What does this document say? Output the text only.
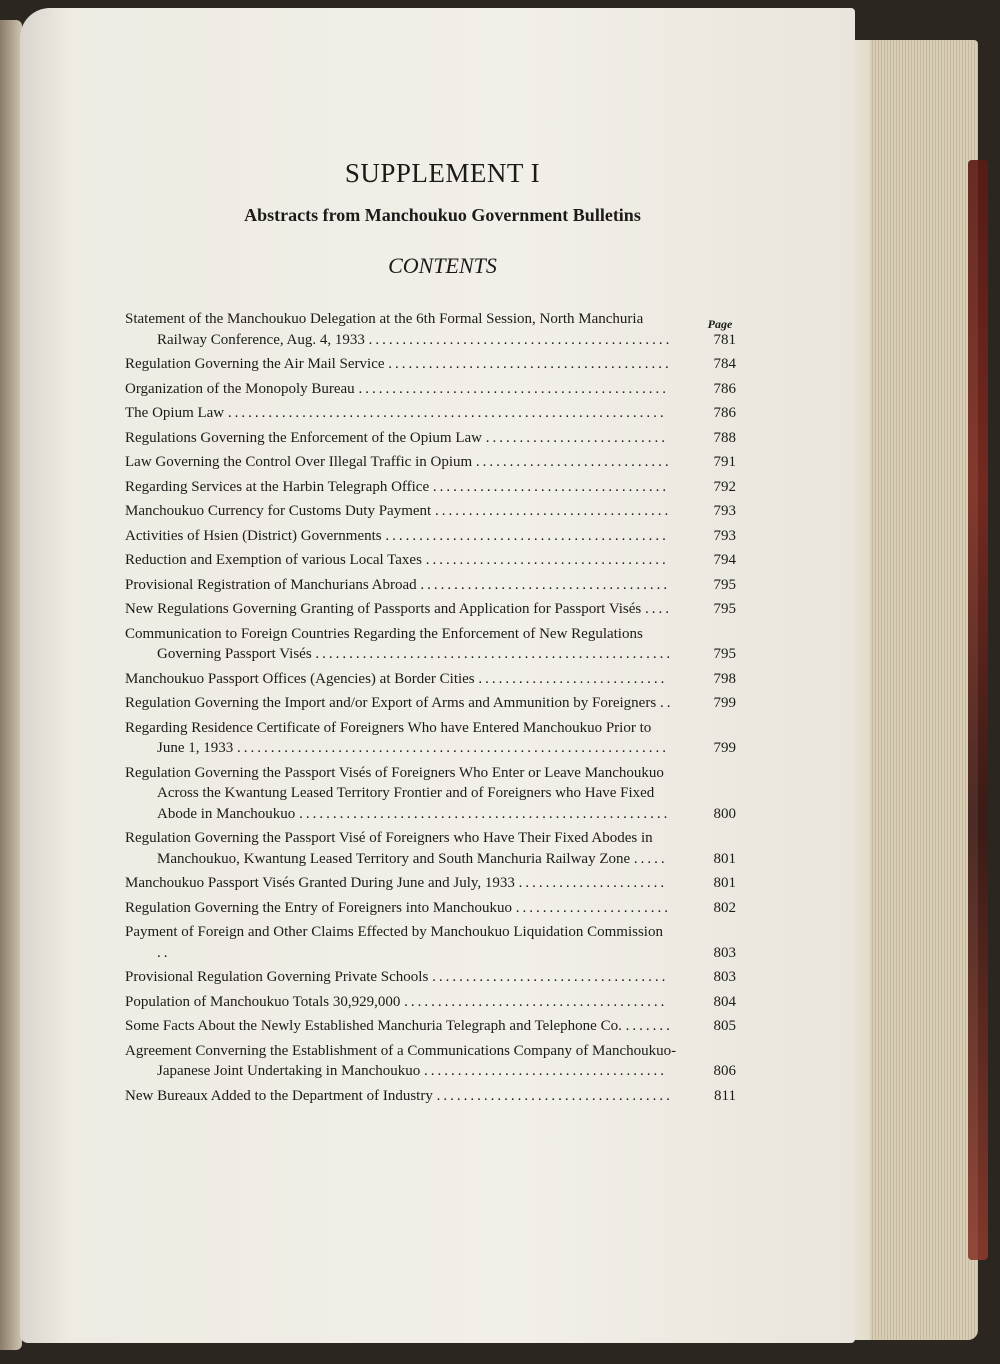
SUPPLEMENT I
Abstracts from Manchoukuo Government Bulletins
CONTENTS
Page
Statement of the Manchoukuo Delegation at the 6th Formal Session, North Manchuria Railway Conference, Aug. 4, 1933 .............................................	781
Regulation Governing the Air Mail Service ..........................................	784
Organization of the Monopoly Bureau ..............................................	786
The Opium Law .................................................................	786
Regulations Governing the Enforcement of the Opium Law ...........................	788
Law Governing the Control Over Illegal Traffic in Opium .............................	791
Regarding Services at the Harbin Telegraph Office ...................................	792
Manchoukuo Currency for Customs Duty Payment ...................................	793
Activities of Hsien (District) Governments ..........................................	793
Reduction and Exemption of various Local Taxes ....................................	794
Provisional Registration of Manchurians Abroad .....................................	795
New Regulations Governing Granting of Passports and Application for Passport Visés ....	795
Communication to Foreign Countries Regarding the Enforcement of New Regulations Governing Passport Visés .....................................................	795
Manchoukuo Passport Offices (Agencies) at Border Cities ............................	798
Regulation Governing the Import and/or Export of Arms and Ammunition by Foreigners ..	799
Regarding Residence Certificate of Foreigners Who have Entered Manchoukuo Prior to June 1, 1933 ................................................................	799
Regulation Governing the Passport Visés of Foreigners Who Enter or Leave Manchoukuo Across the Kwantung Leased Territory Frontier and of Foreigners who Have Fixed Abode in Manchoukuo .......................................................	800
Regulation Governing the Passport Visé of Foreigners who Have Their Fixed Abodes in Manchoukuo, Kwantung Leased Territory and South Manchuria Railway Zone .....	801
Manchoukuo Passport Visés Granted During June and July, 1933 ......................	801
Regulation Governing the Entry of Foreigners into Manchoukuo .......................	802
Payment of Foreign and Other Claims Effected by Manchoukuo Liquidation Commission ..	803
Provisional Regulation Governing Private Schools ...................................	803
Population of Manchoukuo Totals 30,929,000 .......................................	804
Some Facts About the Newly Established Manchuria Telegraph and Telephone Co. .......	805
Agreement Converning the Establishment of a Communications Company of Manchoukuo-Japanese Joint Undertaking in Manchoukuo ....................................	806
New Bureaux Added to the Department of Industry ...................................	811
